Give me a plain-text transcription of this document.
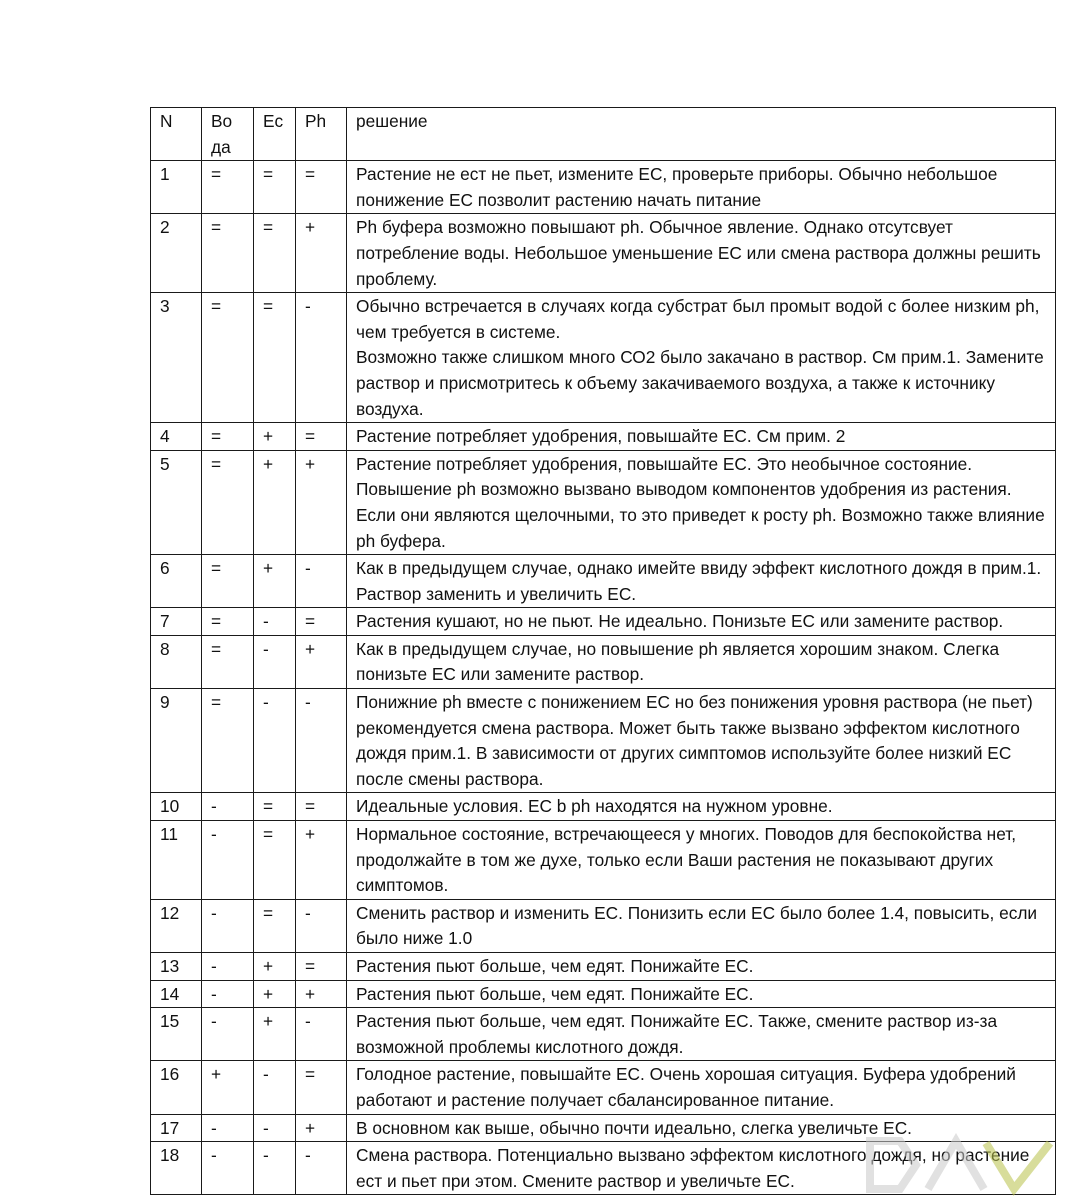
N	Во да	Ec	Ph	решение
1	=	=	=	Растение не ест не пьет, измените ЕС, проверьте приборы. Обычно небольшое понижение ЕС позволит растению начать питание
2	=	=	+	Ph буфера возможно повышают ph. Обычное явление. Однако отсутсвует потребление воды. Небольшое уменьшение ЕС или смена раствора должны решить проблему.
3	=	=	-	Обычно встречается в случаях когда субстрат был промыт водой с более низким ph, чем требуется в системе.
Возможно также слишком много СО2 было закачано в раствор. См прим.1. Замените раствор и присмотритесь к объему закачиваемого воздуха, а также к источнику воздуха.
4	=	+	=	Растение потребляет удобрения, повышайте ЕС. См прим. 2
5	=	+	+	Растение потребляет удобрения, повышайте ЕС. Это необычное состояние. Повышение ph возможно вызвано выводом компонентов удобрения из растения. Если они являются щелочными, то это приведет к росту ph. Возможно также влияние ph буфера.
6	=	+	-	Как в предыдущем случае, однако имейте ввиду эффект кислотного дождя в прим.1. Раствор заменить и увеличить ЕС.
7	=	-	=	Растения кушают, но не пьют. Не идеально. Понизьте ЕС или замените раствор.
8	=	-	+	Как в предыдущем случае, но повышение ph является хорошим знаком. Слегка понизьте ЕС или замените раствор.
9	=	-	-	Понижние ph вместе с понижением ЕС но без понижения уровня раствора (не пьет) рекомендуется смена раствора. Может быть также вызвано эффектом кислотного дождя прим.1. В зависимости от других симптомов используйте более низкий ЕС после смены раствора.
10	-	=	=	Идеальные условия. ЕС b ph находятся на нужном уровне.
11	-	=	+	Нормальное состояние, встречающееся у многих. Поводов для беспокойства нет, продолжайте в том же духе, только если Ваши растения не показывают других симптомов.
12	-	=	-	Сменить раствор и изменить ЕС. Понизить если ЕС было более 1.4, повысить, если было ниже 1.0
13	-	+	=	Растения пьют больше, чем едят. Понижайте ЕС.
14	-	+	+	Растения пьют больше, чем едят. Понижайте ЕС.
15	-	+	-	Растения пьют больше, чем едят. Понижайте ЕС. Также, смените раствор из-за возможной проблемы кислотного дождя.
16	+	-	=	Голодное растение, повышайте ЕС. Очень хорошая ситуация. Буфера удобрений работают и растение получает сбалансированное питание.
17	-	-	+	В основном как выше, обычно почти идеально, слегка увеличьте ЕС.
18	-	-	-	Смена раствора. Потенциально вызвано эффектом кислотного дождя, но растение ест и пьет при этом. Смените раствор и увеличьте ЕС.
